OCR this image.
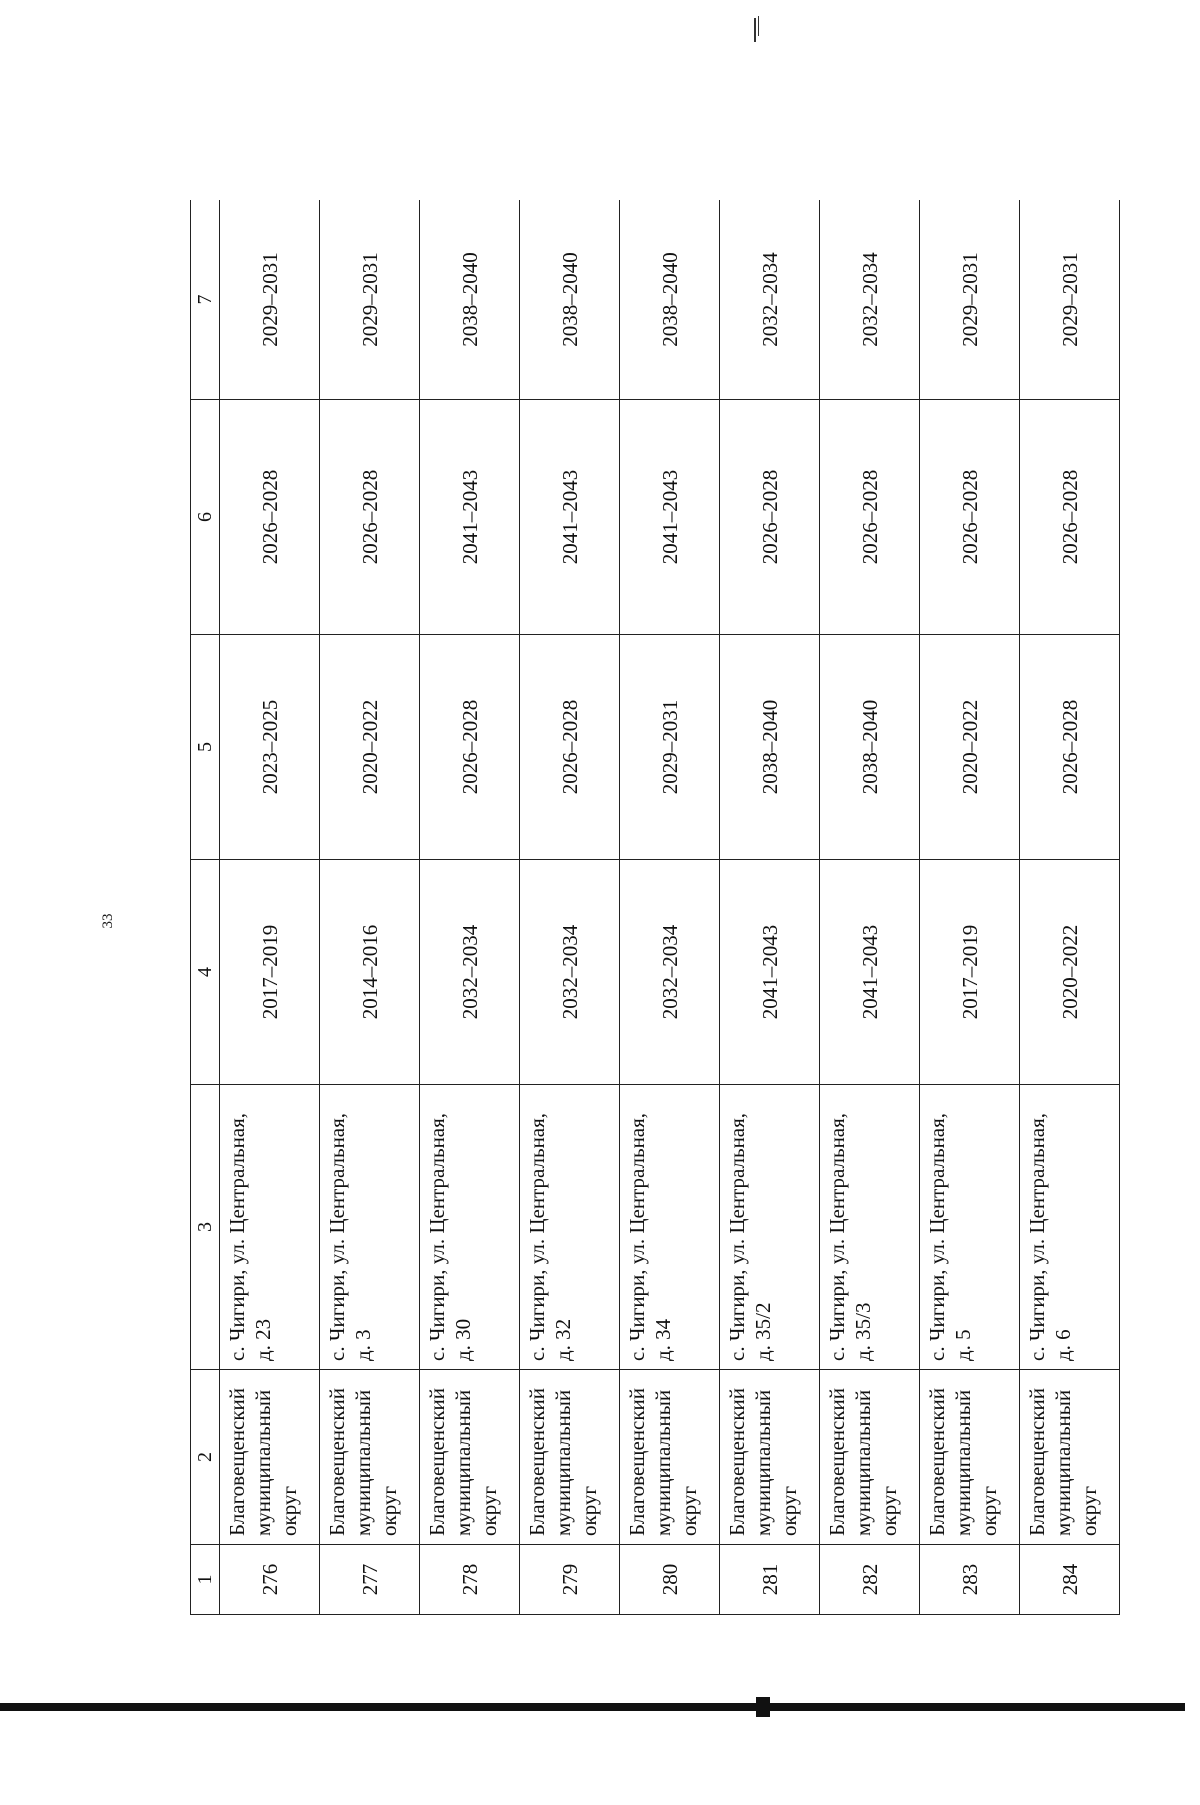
33
1	2	3	4	5	6	7
276	Благовещенский муниципальный округ	с. Чигири, ул. Центральная, д. 23	2017–2019	2023–2025	2026–2028	2029–2031
277	Благовещенский муниципальный округ	с. Чигири, ул. Центральная, д. 3	2014–2016	2020–2022	2026–2028	2029–2031
278	Благовещенский муниципальный округ	с. Чигири, ул. Центральная, д. 30	2032–2034	2026–2028	2041–2043	2038–2040
279	Благовещенский муниципальный округ	с. Чигири, ул. Центральная, д. 32	2032–2034	2026–2028	2041–2043	2038–2040
280	Благовещенский муниципальный округ	с. Чигири, ул. Центральная, д. 34	2032–2034	2029–2031	2041–2043	2038–2040
281	Благовещенский муниципальный округ	с. Чигири, ул. Центральная, д. 35/2	2041–2043	2038–2040	2026–2028	2032–2034
282	Благовещенский муниципальный округ	с. Чигири, ул. Центральная, д. 35/3	2041–2043	2038–2040	2026–2028	2032–2034
283	Благовещенский муниципальный округ	с. Чигири, ул. Центральная, д. 5	2017–2019	2020–2022	2026–2028	2029–2031
284	Благовещенский муниципальный округ	с. Чигири, ул. Центральная, д. 6	2020–2022	2026–2028	2026–2028	2029–2031
